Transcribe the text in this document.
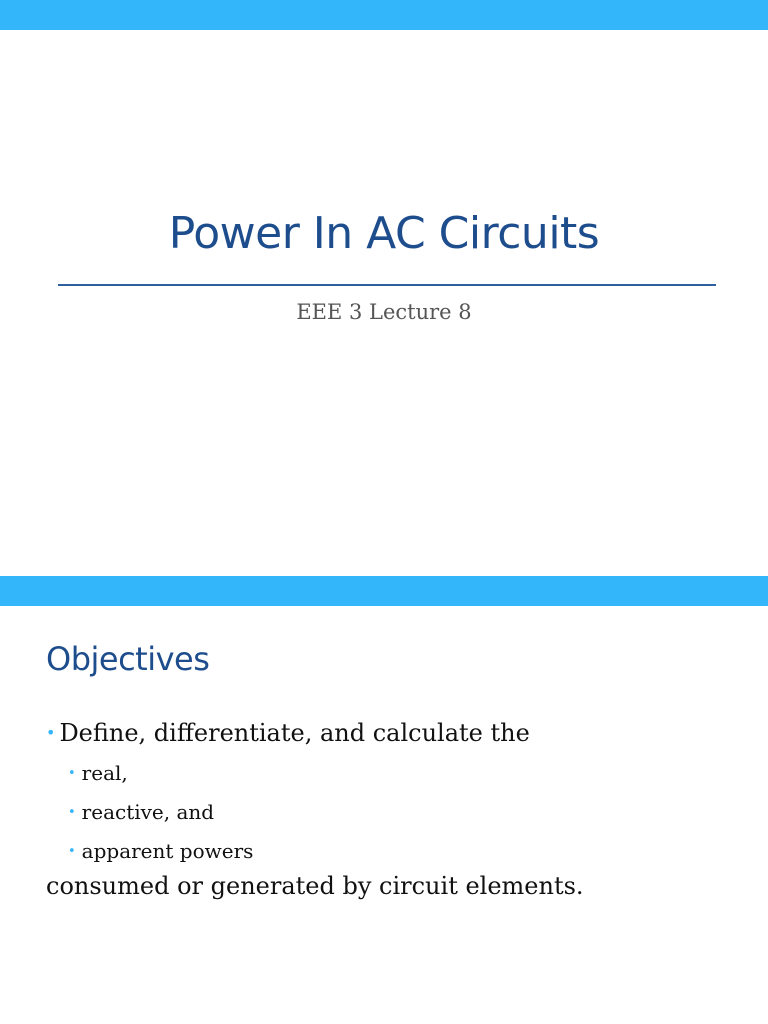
Power In AC Circuits
EEE 3 Lecture 8
Objectives
• Define, differentiate, and calculate the
• real,
• reactive, and
• apparent powers
consumed or generated by circuit elements.
